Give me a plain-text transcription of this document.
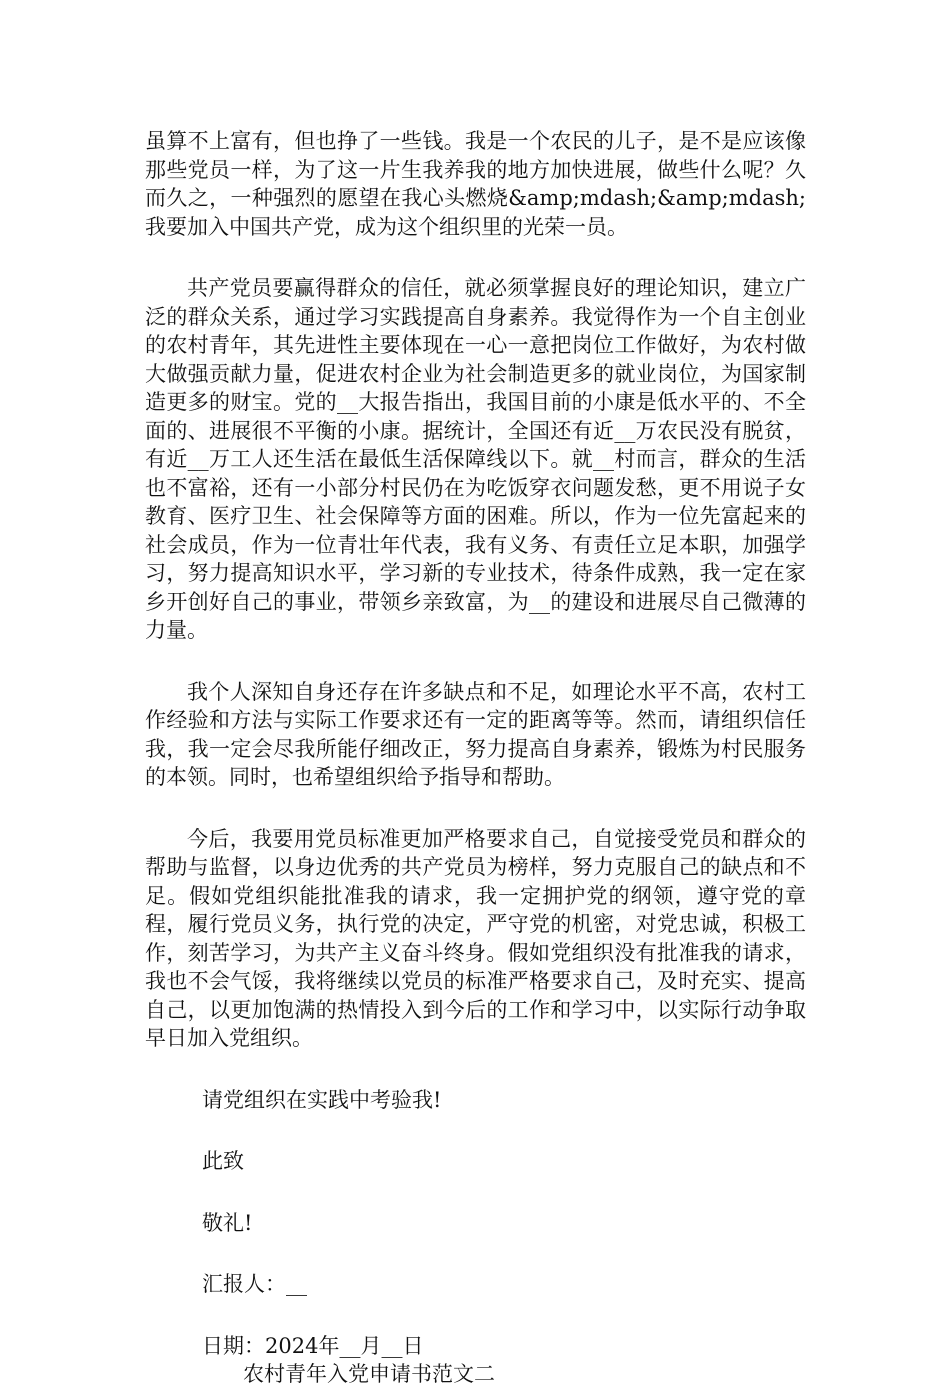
虽算不上富有，但也挣了一些钱。我是一个农民的儿子，是不是应该像那些党员一样，为了这一片生我养我的地方加快进展，做些什么呢？久而久之，一种强烈的愿望在我心头燃烧&amp;mdash;&amp;mdash;我要加入中国共产党，成为这个组织里的光荣一员。

共产党员要赢得群众的信任，就必须掌握良好的理论知识，建立广泛的群众关系，通过学习实践提高自身素养。我觉得作为一个自主创业的农村青年，其先进性主要体现在一心一意把岗位工作做好，为农村做大做强贡献力量，促进农村企业为社会制造更多的就业岗位，为国家制造更多的财宝。党的__大报告指出，我国目前的小康是低水平的、不全面的、进展很不平衡的小康。据统计，全国还有近__万农民没有脱贫，有近__万工人还生活在最低生活保障线以下。就__村而言，群众的生活也不富裕，还有一小部分村民仍在为吃饭穿衣问题发愁，更不用说子女教育、医疗卫生、社会保障等方面的困难。所以，作为一位先富起来的社会成员，作为一位青壮年代表，我有义务、有责任立足本职，加强学习，努力提高知识水平，学习新的专业技术，待条件成熟，我一定在家乡开创好自己的事业，带领乡亲致富，为__的建设和进展尽自己微薄的力量。

我个人深知自身还存在许多缺点和不足，如理论水平不高，农村工作经验和方法与实际工作要求还有一定的距离等等。然而，请组织信任我，我一定会尽我所能仔细改正，努力提高自身素养，锻炼为村民服务的本领。同时，也希望组织给予指导和帮助。

今后，我要用党员标准更加严格要求自己，自觉接受党员和群众的帮助与监督，以身边优秀的共产党员为榜样，努力克服自己的缺点和不足。假如党组织能批准我的请求，我一定拥护党的纲领，遵守党的章程，履行党员义务，执行党的决定，严守党的机密，对党忠诚，积极工作，刻苦学习，为共产主义奋斗终身。假如党组织没有批准我的请求，我也不会气馁，我将继续以党员的标准严格要求自己，及时充实、提高自己，以更加饱满的热情投入到今后的工作和学习中，以实际行动争取早日加入党组织。

请党组织在实践中考验我!

此致

敬礼!

汇报人：__

日期：2024年__月__日

农村青年入党申请书范文二
